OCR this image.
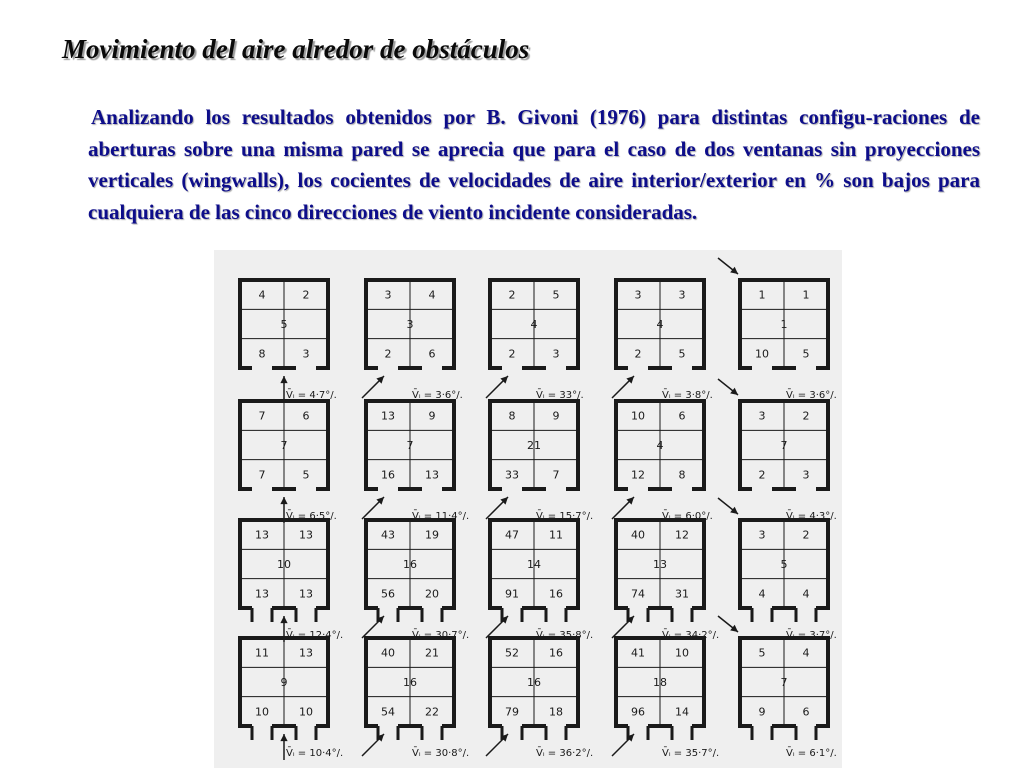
Movimiento del aire alredor de obstáculos

Analizando los resultados obtenidos por B. Givoni (1976) para distintas configu-raciones de aberturas sobre una misma pared se aprecia que para el caso de dos ventanas sin proyecciones verticales (wingwalls), los cocientes de velocidades de aire interior/exterior en % son bajos para cualquiera de las cinco direcciones de viento incidente consideradas.

4	2
5
8	3
V̄ᵢ = 4·7°/.
3	4
3
2	6
V̄ᵢ = 3·6°/.
2	5
4
2	3
V̄ᵢ = 33°/.
3	3
4
2	5
V̄ᵢ = 3·8°/.
1	1
1
10	5
V̄ᵢ = 3·6°/.
7	6
7
7	5
V̄ᵢ = 6·5°/.
13	9
7
16	13
V̄ᵢ = 11·4°/.
8	9
21
33	7
V̄ᵢ = 15·7°/.
10	6
4
12	8
V̄ᵢ = 6·0°/.
3	2
7
2	3
V̄ᵢ = 4·3°/.
13	13
10
13	13
V̄ᵢ = 12·4°/.
43	19
16
56	20
V̄ᵢ = 30·7°/.
47	11
14
91	16
V̄ᵢ = 35·8°/.
40	12
13
74	31
V̄ᵢ = 34·2°/.
3	2
5
4	4
V̄ᵢ = 3·7°/.
11	13
9
10	10
V̄ᵢ = 10·4°/.
40	21
16
54	22
V̄ᵢ = 30·8°/.
52	16
16
79	18
V̄ᵢ = 36·2°/.
41	10
18
96	14
V̄ᵢ = 35·7°/.
5	4
7
9	6
V̄ᵢ = 6·1°/.
